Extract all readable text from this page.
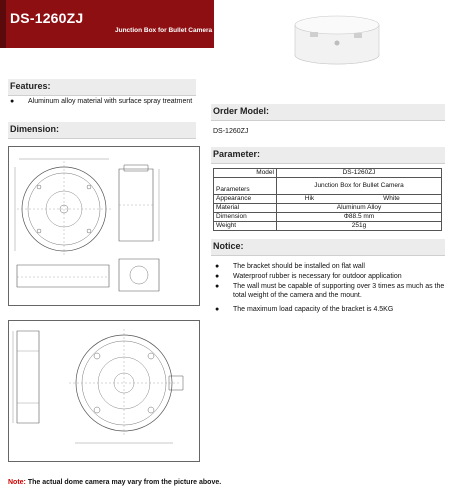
DS-1260ZJ
Junction Box for Bullet Camera
Features:
● Aluminum alloy material with surface spray treatment
Dimension:
Order Model:
DS-1260ZJ
Parameter:
Model	DS-1260ZJ	
Parameters	Junction Box for Bullet Camera	
Appearance	Hik	White
Material	Aluminum Alloy	
Dimension	Φ88.5 mm	
Weight	251g	
Notice:
● The bracket should be installed on flat wall
● Waterproof rubber is necessary for outdoor application
● The wall must be capable of supporting over 3 times as much as the total weight of the camera and the mount.
● The maximum load capacity of the bracket is 4.5KG
Note: The actual dome camera may vary from the picture above.
